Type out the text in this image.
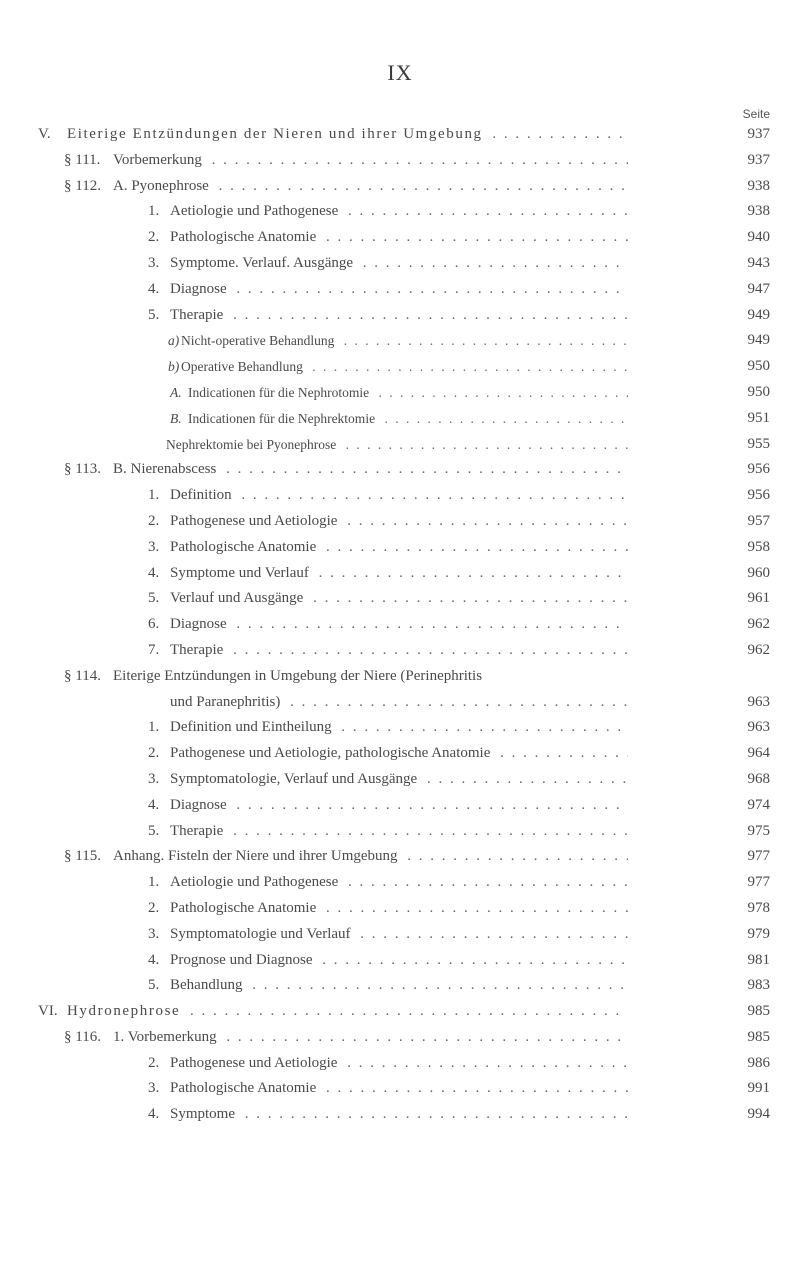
IX
Seite
V. Eiterige Entzündungen der Nieren und ihrer Umgebung . . .	937
§ 111. Vorbemerkung . . .	937
§ 112. A. Pyonephrose . . .	938
1. Aetiologie und Pathogenese . . .	938
2. Pathologische Anatomie . . .	940
3. Symptome. Verlauf. Ausgänge . . .	943
4. Diagnose . . .	947
5. Therapie . . .	949
a) Nicht-operative Behandlung . . .	949
b) Operative Behandlung . . .	950
A. Indicationen für die Nephrotomie . . .	950
B. Indicationen für die Nephrektomie . . .	951
Nephrektomie bei Pyonephrose . . .	955
§ 113. B. Nierenabscess . . .	956
1. Definition . . .	956
2. Pathogenese und Aetiologie . . .	957
3. Pathologische Anatomie . . .	958
4. Symptome und Verlauf . . .	960
5. Verlauf und Ausgänge . . .	961
6. Diagnose . . .	962
7. Therapie . . .	962
§ 114. Eiterige Entzündungen in Umgebung der Niere (Perinephritis
und Paranephritis) . . .	963
1. Definition und Eintheilung . . .	963
2. Pathogenese und Aetiologie, pathologische Anatomie . . .	964
3. Symptomatologie, Verlauf und Ausgänge . . .	968
4. Diagnose . . .	974
5. Therapie . . .	975
§ 115. Anhang. Fisteln der Niere und ihrer Umgebung . . .	977
1. Aetiologie und Pathogenese . . .	977
2. Pathologische Anatomie . . .	978
3. Symptomatologie und Verlauf . . .	979
4. Prognose und Diagnose . . .	981
5. Behandlung . . .	983
VI. Hydronephrose . . .	985
§ 116. 1. Vorbemerkung . . .	985
2. Pathogenese und Aetiologie . . .	986
3. Pathologische Anatomie . . .	991
4. Symptome . . .	994
